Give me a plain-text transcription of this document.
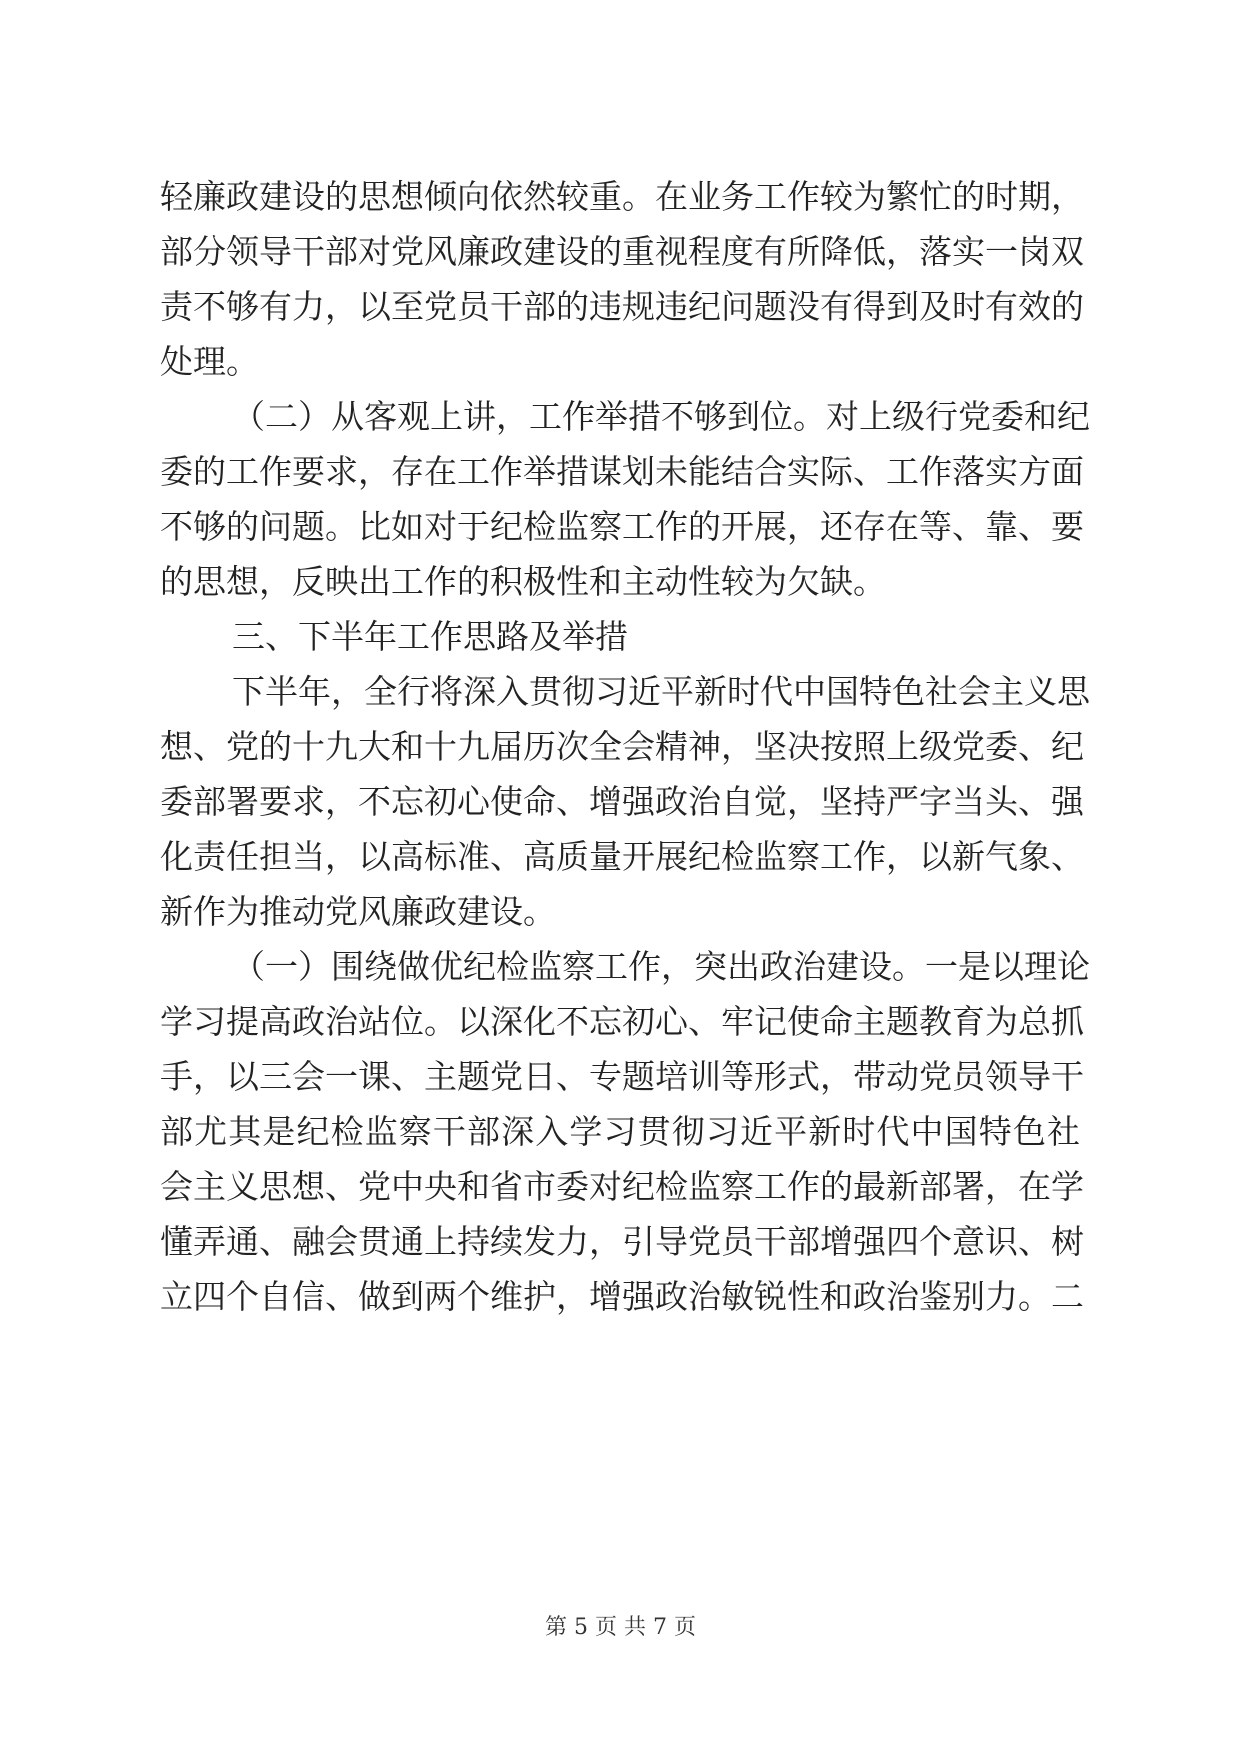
轻廉政建设的思想倾向依然较重。在业务工作较为繁忙的时期，
部分领导干部对党风廉政建设的重视程度有所降低，落实一岗双
责不够有力，以至党员干部的违规违纪问题没有得到及时有效的
处理。
（二）从客观上讲，工作举措不够到位。对上级行党委和纪
委的工作要求，存在工作举措谋划未能结合实际、工作落实方面
不够的问题。比如对于纪检监察工作的开展，还存在等、靠、要
的思想，反映出工作的积极性和主动性较为欠缺。
三、下半年工作思路及举措
下半年，全行将深入贯彻习近平新时代中国特色社会主义思
想、党的十九大和十九届历次全会精神，坚决按照上级党委、纪
委部署要求，不忘初心使命、增强政治自觉，坚持严字当头、强
化责任担当，以高标准、高质量开展纪检监察工作，以新气象、
新作为推动党风廉政建设。
（一）围绕做优纪检监察工作，突出政治建设。一是以理论
学习提高政治站位。以深化不忘初心、牢记使命主题教育为总抓
手，以三会一课、主题党日、专题培训等形式，带动党员领导干
部尤其是纪检监察干部深入学习贯彻习近平新时代中国特色社
会主义思想、党中央和省市委对纪检监察工作的最新部署，在学
懂弄通、融会贯通上持续发力，引导党员干部增强四个意识、树
立四个自信、做到两个维护，增强政治敏锐性和政治鉴别力。二
第 5 页 共 7 页
